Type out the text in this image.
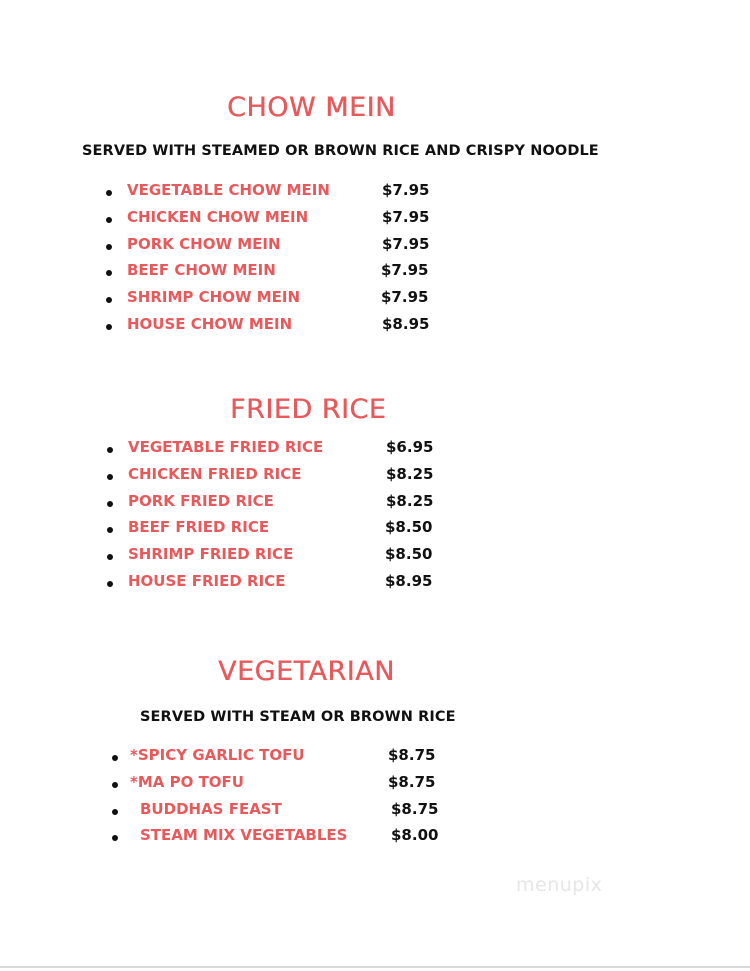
CHOW MEIN

SERVED WITH STEAMED OR BROWN RICE AND CRISPY NOODLE

VEGETABLE CHOW MEIN	$7.95
CHICKEN CHOW MEIN	$7.95
PORK CHOW MEIN	$7.95
BEEF CHOW MEIN	$7.95
SHRIMP CHOW MEIN	$7.95
HOUSE CHOW MEIN	$8.95
FRIED RICE
VEGETABLE FRIED RICE	$6.95
CHICKEN FRIED RICE	$8.25
PORK FRIED RICE	$8.25
BEEF FRIED RICE	$8.50
SHRIMP FRIED RICE	$8.50
HOUSE FRIED RICE	$8.95
VEGETARIAN

SERVED WITH STEAM OR BROWN RICE

*SPICY GARLIC TOFU	$8.75
*MA PO TOFU	$8.75
BUDDHAS FEAST	$8.75
STEAM MIX VEGETABLES	$8.00
menupix
